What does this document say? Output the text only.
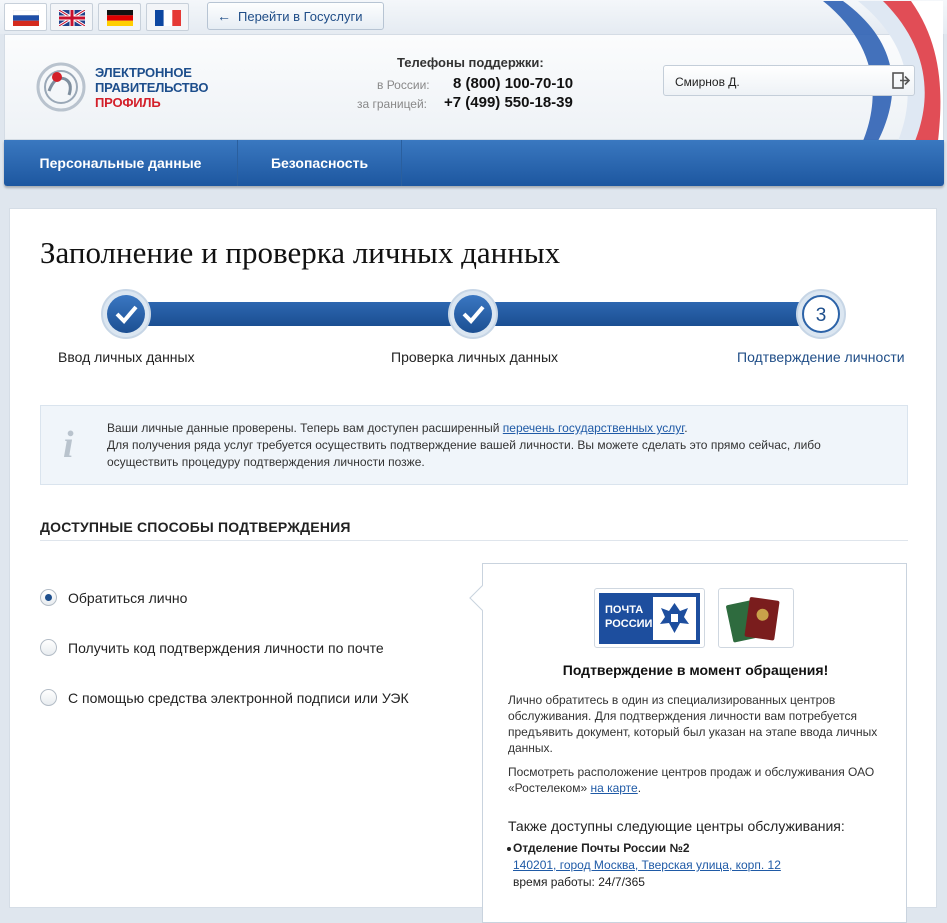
← Перейти в Госуслуги
ЭЛЕКТРОННОЕ
ПРАВИТЕЛЬСТВО
ПРОФИЛЬ
Телефоны поддержки:
в России: 8 (800) 100-70-10
за границей: +7 (499) 550-18-39
Смирнов Д.
Персональные данные	Безопасность
Заполнение и проверка личных данных
3
Ввод личных данных	Проверка личных данных	Подтверждение личности
i	Ваши личные данные проверены. Теперь вам доступен расширенный перечень государственных услуг.
Для получения ряда услуг требуется осуществить подтверждение вашей личности. Вы можете сделать это прямо сейчас, либо осуществить процедуру подтверждения личности позже.
ДОСТУПНЫЕ СПОСОБЫ ПОДТВЕРЖДЕНИЯ
Обратиться лично
Получить код подтверждения личности по почте
С помощью средства электронной подписи или УЭК
ПОЧТА
РОССИИ
Подтверждение в момент обращения!
Лично обратитесь в один из специализированных центров обслуживания. Для подтверждения личности вам потребуется предъявить документ, который был указан на этапе ввода личных данных.
Посмотреть расположение центров продаж и обслуживания ОАО «Ростелеком» на карте.
Также доступны следующие центры обслуживания:
Отделение Почты России №2
140201, город Москва, Тверская улица, корп. 12
время работы: 24/7/365
